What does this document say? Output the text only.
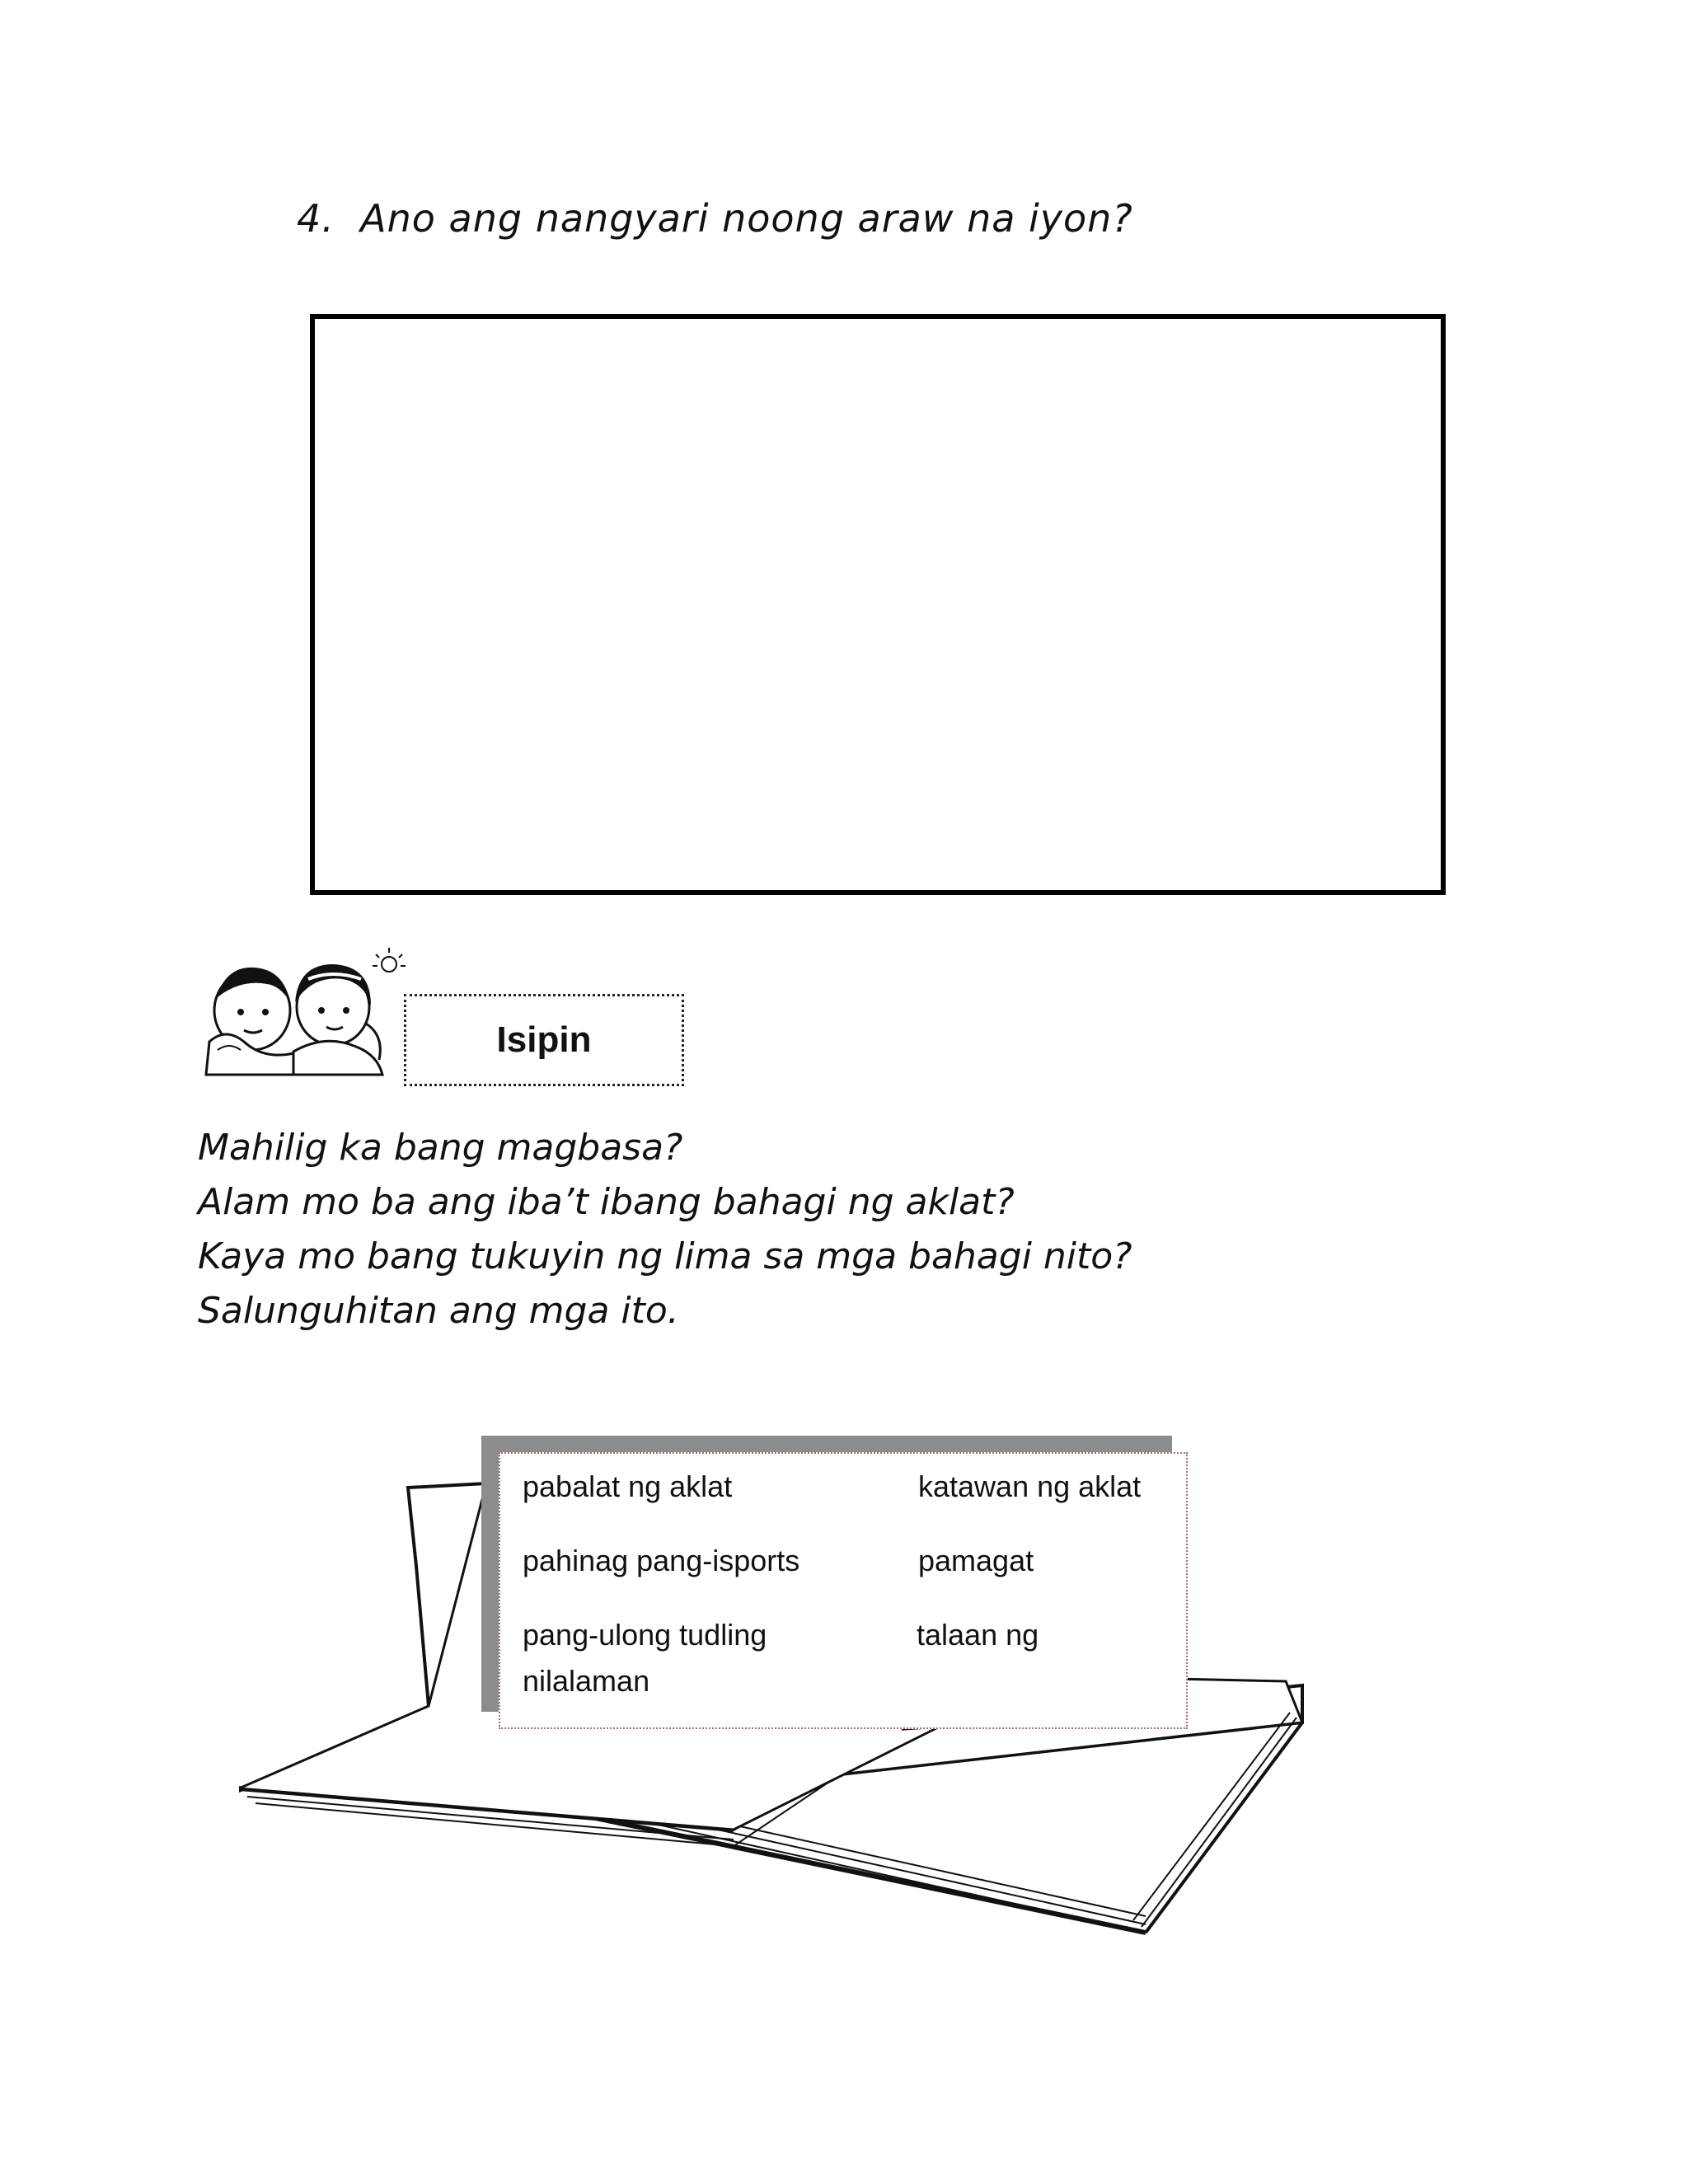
4. Ano ang nangyari noong araw na iyon?
Isipin
Mahilig ka bang magbasa?
Alam mo ba ang iba’t ibang bahagi ng aklat?
Kaya mo bang tukuyin ng lima sa mga bahagi nito?
Salunguhitan ang mga ito.
pabalat ng aklat
pahinag pang-isports
pang-ulong tudling
nilalaman
katawan ng aklat
pamagat
talaan ng
